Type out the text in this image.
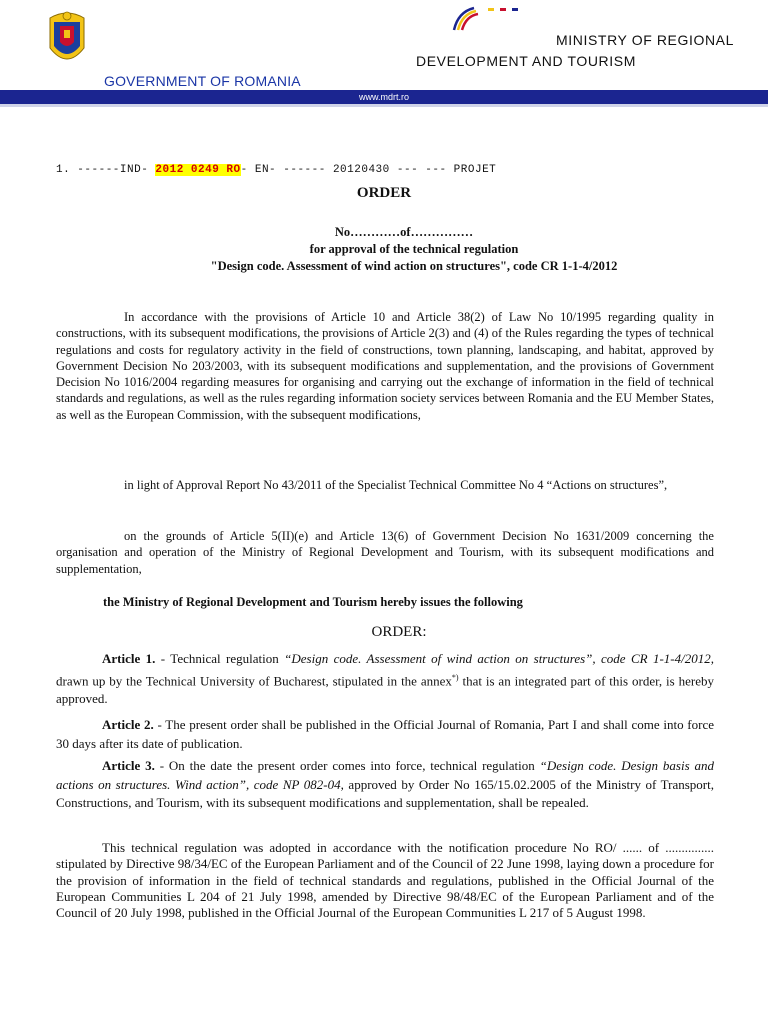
MINISTRY OF REGIONAL
DEVELOPMENT AND TOURISM
GOVERNMENT OF ROMANIA
www.mdrt.ro
1. ------IND- 2012 0249 RO- EN- ------ 20120430 --- --- PROJET
ORDER
No…………of……………
for approval of the technical regulation
"Design code. Assessment of wind action on structures", code CR 1-1-4/2012
In accordance with the provisions of Article 10 and Article 38(2) of Law No 10/1995 regarding quality in constructions, with its subsequent modifications, the provisions of Article 2(3) and (4) of the Rules regarding the types of technical regulations and costs for regulatory activity in the field of constructions, town planning, landscaping, and habitat, approved by Government Decision No 203/2003, with its subsequent modifications and supplementation, and the provisions of Government Decision No 1016/2004 regarding measures for organising and carrying out the exchange of information in the field of technical standards and regulations, as well as the rules regarding information society services between Romania and the EU Member States, as well as the European Commission, with the subsequent modifications,
in light of Approval Report No 43/2011 of the Specialist Technical Committee No 4 “Actions on structures”,
on the grounds of Article 5(II)(e) and Article 13(6) of Government Decision No 1631/2009 concerning the organisation and operation of the Ministry of Regional Development and Tourism, with its subsequent modifications and supplementation,
the Ministry of Regional Development and Tourism hereby issues the following
ORDER:
Article 1. - Technical regulation “Design code. Assessment of wind action on structures”, code CR 1-1-4/2012, drawn up by the Technical University of Bucharest, stipulated in the annex*) that is an integrated part of this order, is hereby approved.
Article 2. - The present order shall be published in the Official Journal of Romania, Part I and shall come into force 30 days after its date of publication.
Article 3. - On the date the present order comes into force, technical regulation “Design code. Design basis and actions on structures. Wind action”, code NP 082-04, approved by Order No 165/15.02.2005 of the Ministry of Transport, Constructions, and Tourism, with its subsequent modifications and supplementation, shall be repealed.
This technical regulation was adopted in accordance with the notification procedure No RO/ ...... of ............... stipulated by Directive 98/34/EC of the European Parliament and of the Council of 22 June 1998, laying down a procedure for the provision of information in the field of technical standards and regulations, published in the Official Journal of the European Communities L 204 of 21 July 1998, amended by Directive 98/48/EC of the European Parliament and of the Council of 20 July 1998, published in the Official Journal of the European Communities L 217 of 5 August 1998.
